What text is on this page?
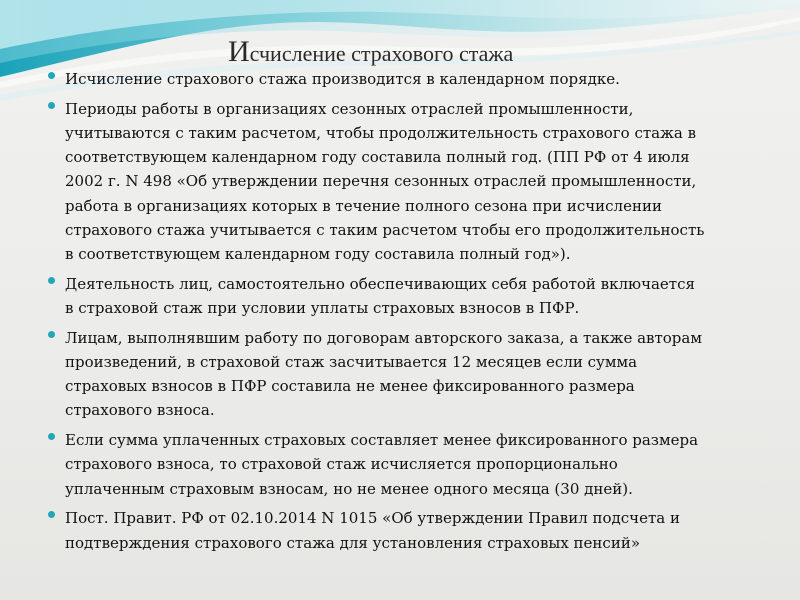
Исчисление страхового стажа
Исчисление страхового стажа производится в календарном порядке.
Периоды работы в организациях сезонных отраслей промышленности,
учитываются с таким расчетом, чтобы продолжительность страхового стажа в
соответствующем календарном году составила полный год. (ПП РФ от 4 июля
2002 г. N 498 «Об утверждении перечня сезонных отраслей промышленности,
работа в организациях которых в течение полного сезона при исчислении
страхового стажа учитывается с таким расчетом чтобы его продолжительность
в соответствующем календарном году составила полный год»).
Деятельность лиц, самостоятельно обеспечивающих себя работой включается
в страховой стаж при условии уплаты страховых взносов в ПФР.
Лицам, выполнявшим работу по договорам авторского заказа, а также авторам
произведений, в страховой стаж засчитывается 12 месяцев если сумма
страховых взносов в ПФР составила не менее фиксированного размера
страхового взноса.
Если сумма уплаченных страховых составляет менее фиксированного размера
страхового взноса, то страховой стаж исчисляется пропорционально
уплаченным страховым взносам, но не менее одного месяца (30 дней).
Пост. Правит. РФ от 02.10.2014 N 1015 «Об утверждении Правил подсчета и
подтверждения страхового стажа для установления страховых пенсий»
